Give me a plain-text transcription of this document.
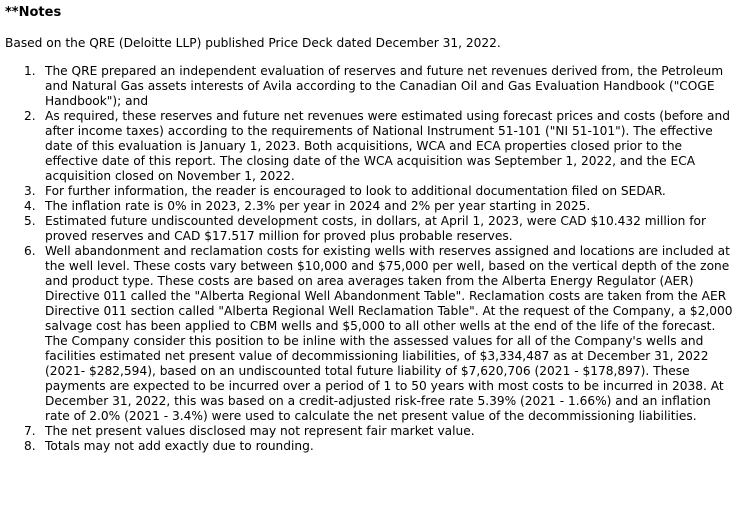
**Notes

Based on the QRE (Deloitte LLP) published Price Deck dated December 31, 2022.

1. The QRE prepared an independent evaluation of reserves and future net revenues derived from, the Petroleum and Natural Gas assets interests of Avila according to the Canadian Oil and Gas Evaluation Handbook ("COGE Handbook"); and
2. As required, these reserves and future net revenues were estimated using forecast prices and costs (before and after income taxes) according to the requirements of National Instrument 51-101 ("NI 51-101"). The effective date of this evaluation is January 1, 2023. Both acquisitions, WCA and ECA properties closed prior to the effective date of this report. The closing date of the WCA acquisition was September 1, 2022, and the ECA acquisition closed on November 1, 2022.
3. For further information, the reader is encouraged to look to additional documentation filed on SEDAR.
4. The inflation rate is 0% in 2023, 2.3% per year in 2024 and 2% per year starting in 2025.
5. Estimated future undiscounted development costs, in dollars, at April 1, 2023, were CAD $10.432 million for proved reserves and CAD $17.517 million for proved plus probable reserves.
6. Well abandonment and reclamation costs for existing wells with reserves assigned and locations are included at the well level. These costs vary between $10,000 and $75,000 per well, based on the vertical depth of the zone and product type. These costs are based on area averages taken from the Alberta Energy Regulator (AER) Directive 011 called the "Alberta Regional Well Abandonment Table". Reclamation costs are taken from the AER Directive 011 section called "Alberta Regional Well Reclamation Table". At the request of the Company, a $2,000 salvage cost has been applied to CBM wells and $5,000 to all other wells at the end of the life of the forecast. The Company consider this position to be inline with the assessed values for all of the Company's wells and facilities estimated net present value of decommissioning liabilities, of $3,334,487 as at December 31, 2022 (2021- $282,594), based on an undiscounted total future liability of $7,620,706 (2021 - $178,897). These payments are expected to be incurred over a period of 1 to 50 years with most costs to be incurred in 2038. At December 31, 2022, this was based on a credit-adjusted risk-free rate 5.39% (2021 - 1.66%) and an inflation rate of 2.0% (2021 - 3.4%) were used to calculate the net present value of the decommissioning liabilities.
7. The net present values disclosed may not represent fair market value.
8. Totals may not add exactly due to rounding.
